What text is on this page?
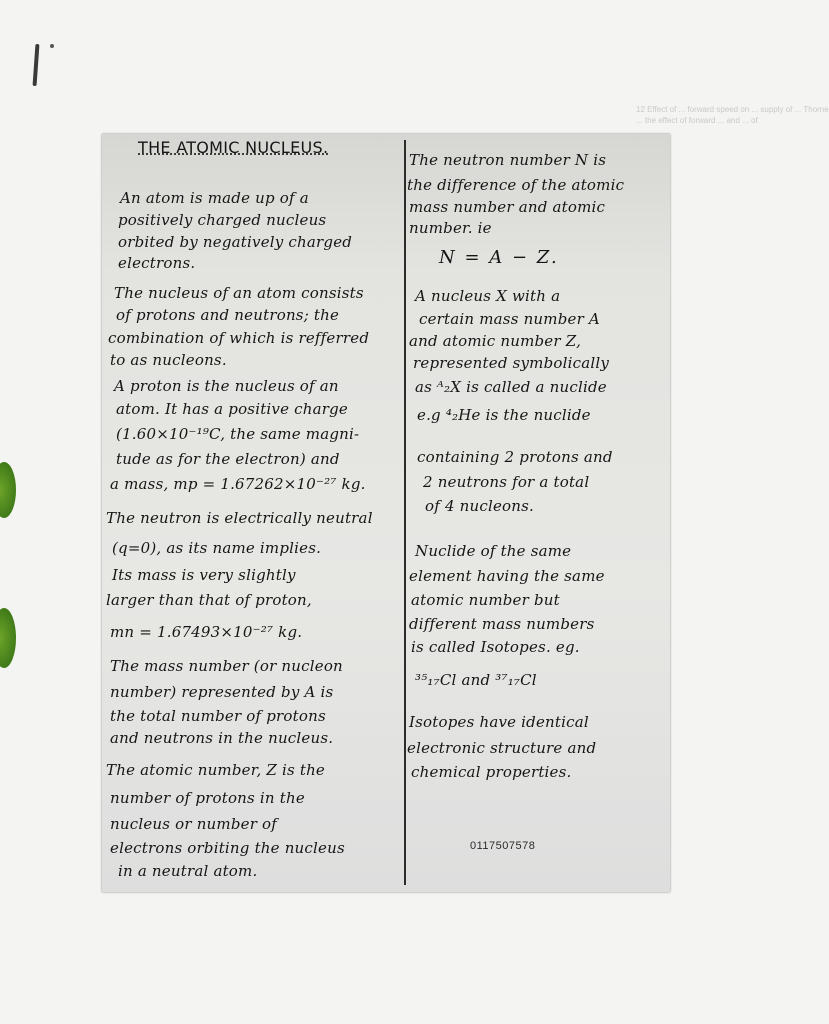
12 Effect of ... forward speed on ... supply of ... Thorne
... the effect of forward ... and ... of
THE ATOMIC NUCLEUS.
An atom is made up of a
positively charged nucleus
orbited by negatively charged
electrons.
The nucleus of an atom consists
of protons and neutrons; the
combination of which is refferred
to as nucleons.
A proton is the nucleus of an
atom. It has a positive charge
(1.60×10⁻¹⁹C, the same magni-
tude as for the electron) and
a mass, mp = 1.67262×10⁻²⁷ kg.
The neutron is electrically neutral
(q=0), as its name implies.
Its mass is very slightly
larger than that of proton,
mn = 1.67493×10⁻²⁷ kg.
The mass number (or nucleon
number) represented by A is
the total number of protons
and neutrons in the nucleus.
The atomic number, Z is the
number of protons in the
nucleus or number of
electrons orbiting the nucleus
in a neutral atom.
The neutron number N is
the difference of the atomic
mass number and atomic
number. ie
N = A − Z.
A nucleus X with a
certain mass number A
and atomic number Z,
represented symbolically
as ᴬ₂X is called a nuclide
e.g ⁴₂He is the nuclide
containing 2 protons and
2 neutrons for a total
of 4 nucleons.
Nuclide of the same
element having the same
atomic number but
different mass numbers
is called Isotopes. eg.
³⁵₁₇Cl and ³⁷₁₇Cl
Isotopes have identical
electronic structure and
chemical properties.
0117507578
